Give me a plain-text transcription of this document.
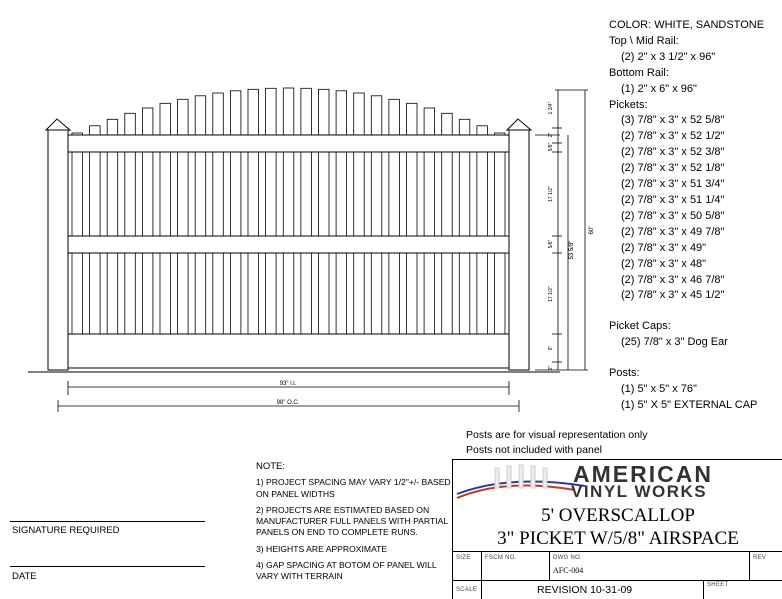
93" l.l.
98" O.C.
60"
53 5/8"
1 3/4"
2"
5/8"
17 1/2"
5/8"
17 1/2"
6"
2"
COLOR: WHITE, SANDSTONE
Top \ Mid Rail:
(2) 2" x 3 1/2" x 96"
Bottom Rail:
(1) 2" x 6" x 96"
Pickets:
(3) 7/8" x 3" x 52 5/8"
(2) 7/8" x 3" x 52 1/2"
(2) 7/8" x 3" x 52 3/8"
(2) 7/8" x 3" x 52 1/8"
(2) 7/8" x 3" x 51 3/4"
(2) 7/8" x 3" x 51 1/4"
(2) 7/8" x 3" x 50 5/8"
(2) 7/8" x 3" x 49 7/8"
(2) 7/8" x 3" x 49"
(2) 7/8" x 3" x 48"
(2) 7/8" x 3" x 46 7/8"
(2) 7/8" x 3" x 45 1/2"
Picket Caps:
(25) 7/8" x 3" Dog Ear
Posts:
(1) 5" x 5" x 76"
(1) 5" X 5" EXTERNAL CAP
Posts are for visual representation only
Posts not included with panel

NOTE:

1) PROJECT SPACING MAY VARY 1/2"+/- BASED ON PANEL WIDTHS

2) PROJECTS ARE ESTIMATED BASED ON MANUFACTURER FULL PANELS WITH PARTIAL PANELS ON END TO COMPLETE RUNS.

3) HEIGHTS ARE APPROXIMATE

4) GAP SPACING AT BOTOM OF PANEL WILL VARY WITH TERRAIN

SIGNATURE REQUIRED
DATE
AMERICAN
VINYL WORKS
5' OVERSCALLOP
3" PICKET W/5/8" AIRSPACE
SIZE FSCM NO.	DWG NO.
AFC-004
REV
SCALE	REVISION 10-31-09	SHEET
